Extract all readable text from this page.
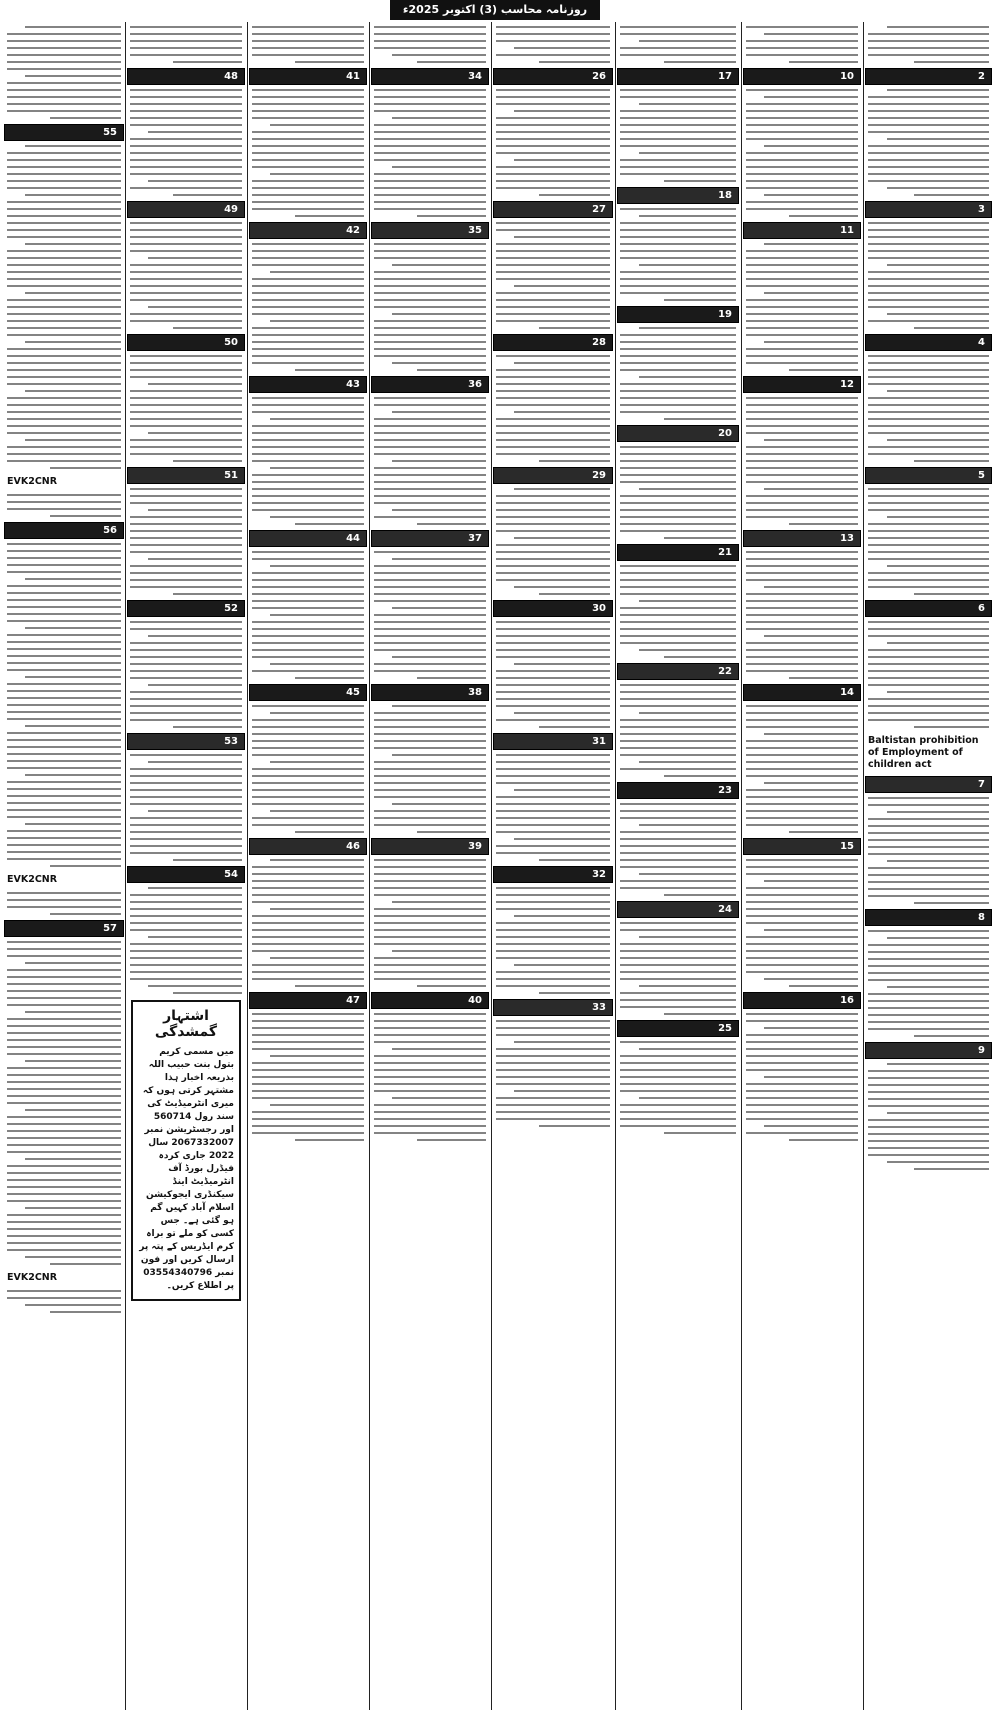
روزنامہ محاسب (3) اکتوبر 2025ء
55
EVK2CNR
56
EVK2CNR
57
EVK2CNR
48
49
50
51
52
53
54
اشتہار گمشدگی
میں مسمی کریم بتول بنت حبیب اللہ بذریعہ اخبار ہذا مشتہر کرتی ہوں کہ میری انٹرمیڈیٹ کی سند رول 560714 اور رجسٹریشن نمبر 2067332007 سال 2022 جاری کردہ فیڈرل بورڈ آف انٹرمیڈیٹ اینڈ سیکنڈری ایجوکیشن اسلام آباد کہیں گم ہو گئی ہے۔ جس کسی کو ملے تو براہ کرم ایڈریس کے پتہ پر ارسال کریں اور فون نمبر 03554340796 پر اطلاع کریں۔
41
42
43
44
45
46
47
34
35
36
37
38
39
40
26
27
28
29
30
31
32
33
17
18
19
20
21
22
23
24
25
10
11
12
13
14
15
16
2
3
4
5
6
Baltistan prohibition of Employment of children act
7
8
9
